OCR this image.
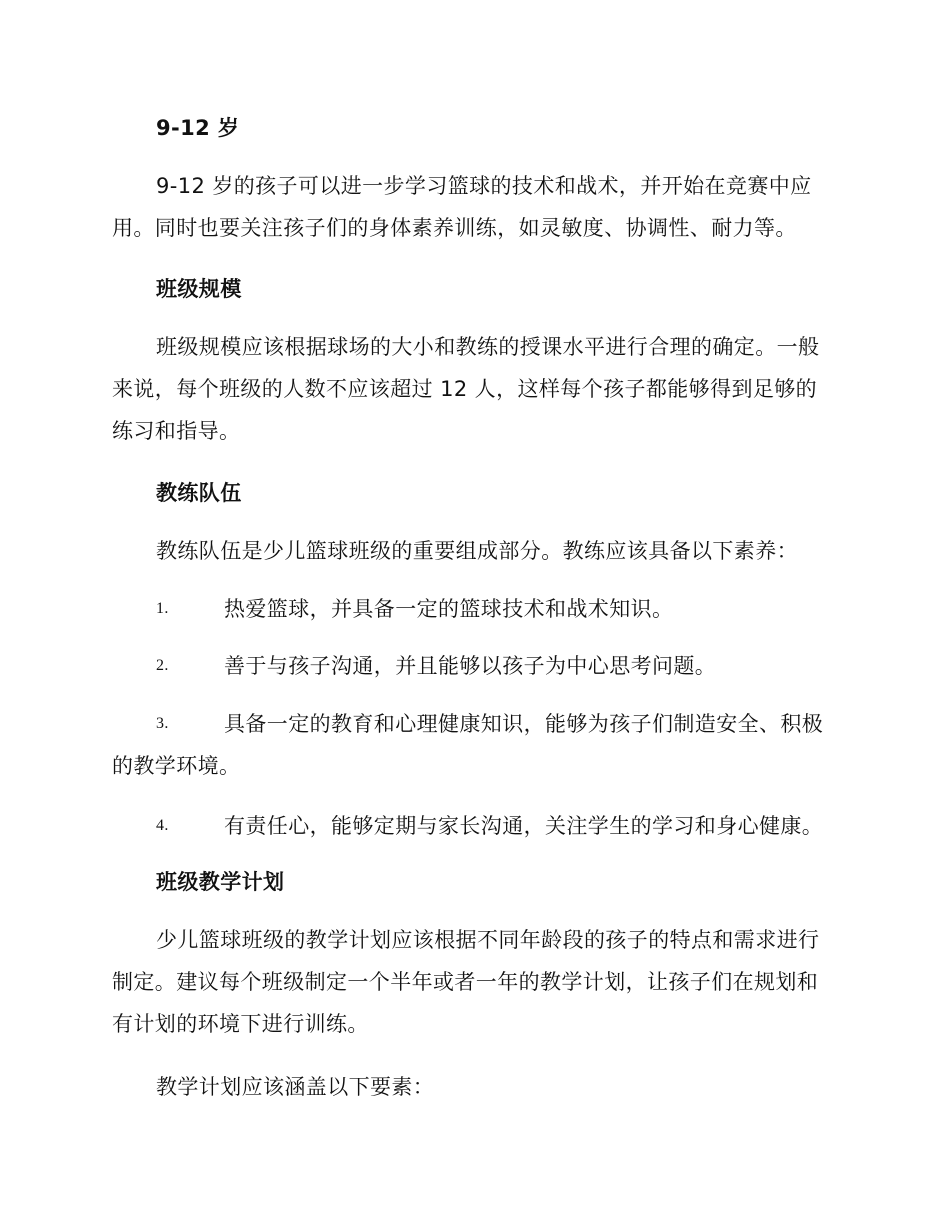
9-12 岁

9-12 岁的孩子可以进一步学习篮球的技术和战术，并开始在竞赛中应
用。同时也要关注孩子们的身体素养训练，如灵敏度、协调性、耐力等。

班级规模

班级规模应该根据球场的大小和教练的授课水平进行合理的确定。一般
来说，每个班级的人数不应该超过 12 人，这样每个孩子都能够得到足够的
练习和指导。

教练队伍

教练队伍是少儿篮球班级的重要组成部分。教练应该具备以下素养：

1.	热爱篮球，并具备一定的篮球技术和战术知识。
2.	善于与孩子沟通，并且能够以孩子为中心思考问题。
3.	具备一定的教育和心理健康知识，能够为孩子们制造安全、积极
的教学环境。
4.	有责任心，能够定期与家长沟通，关注学生的学习和身心健康。

班级教学计划

少儿篮球班级的教学计划应该根据不同年龄段的孩子的特点和需求进行
制定。建议每个班级制定一个半年或者一年的教学计划，让孩子们在规划和
有计划的环境下进行训练。

教学计划应该涵盖以下要素：
